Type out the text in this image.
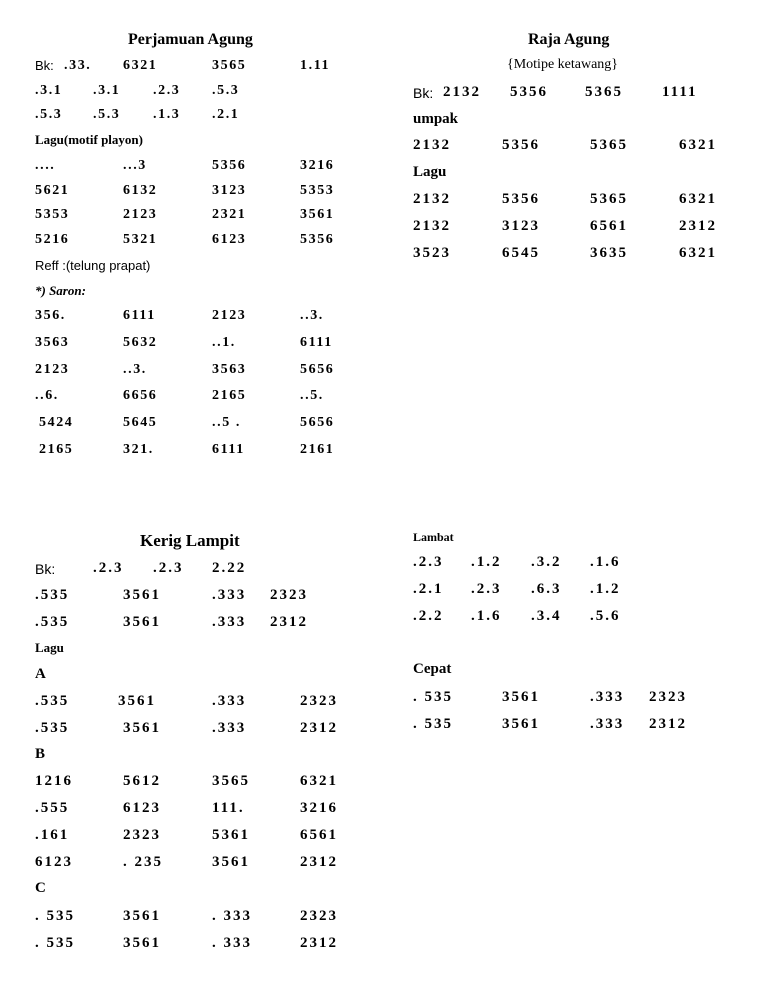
Perjamuan Agung
Bk: .33. 6321	3565	1.11
.3.1 .3.1 .2.3 .5.3
.5.3 .5.3 .1.3 .2.1
Lagu(motif playon)
....	...3	5356	3216
5621	6132	3123	5353
5353	2123	2321	3561
5216	5321	6123	5356
Reff :(telung prapat)
*) Saron:
356.	6111	2123	..3.
3563	5632	..1.	6111
2123	..3.	3563	5656
..6.	6656	2165	..5.
5424	5645	..5 .	5656
2165	321.	6111	2161
Raja Agung
{Motipe ketawang}
Bk: 2132 5356 5365	1111
umpak
2132	5356	5365	6321
Lagu
2132	5356	5365	6321
2132	3123	6561	2312
3523	6545	3635	6321
Kerig Lampit
Bk:	.2.3 .2.3 2.22
.535	3561	.333 2323
.535	3561	.333 2312
Lagu
A
.535	3561	.333	2323
.535	3561	.333	2312
B
1216	5612	3565	6321
.555	6123	111.	3216
.161	2323	5361	6561
6123	. 235	3561	2312
C
. 535	3561	. 333	2323
. 535	3561	. 333	2312
Lambat
.2.3 .1.2 .3.2 .1.6
.2.1 .2.3 .6.3 .1.2
.2.2 .1.6 .3.4 .5.6
Cepat
. 535	3561	.333 2323
. 535	3561	.333 2312
